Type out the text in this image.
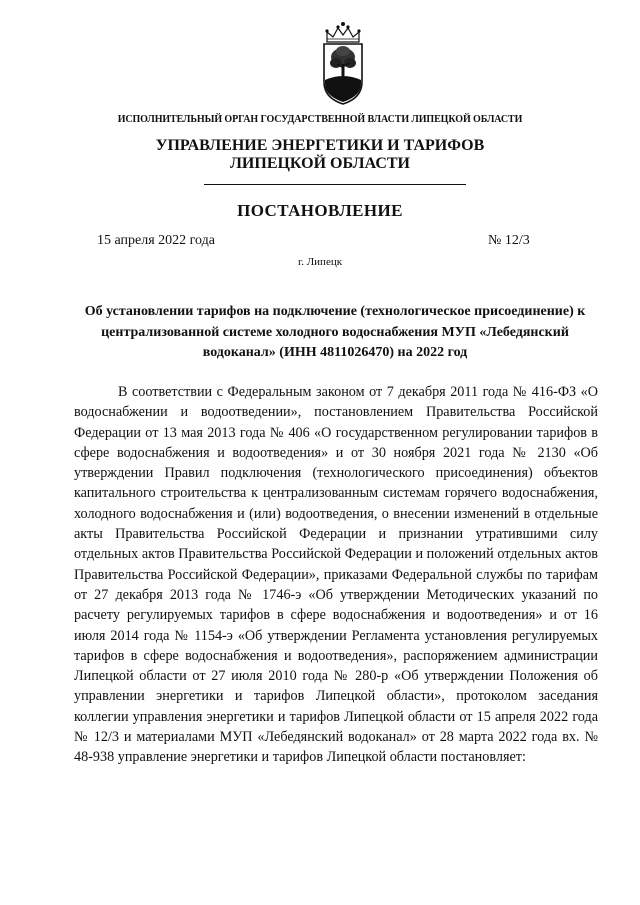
ИСПОЛНИТЕЛЬНЫЙ ОРГАН ГОСУДАРСТВЕННОЙ ВЛАСТИ ЛИПЕЦКОЙ ОБЛАСТИ
УПРАВЛЕНИЕ ЭНЕРГЕТИКИ И ТАРИФОВ
ЛИПЕЦКОЙ ОБЛАСТИ
ПОСТАНОВЛЕНИЕ
15 апреля 2022 года	№ 12/3
г. Липецк
Об установлении тарифов на подключение (технологическое присоединение) к централизованной системе холодного водоснабжения МУП «Лебедянский водоканал» (ИНН 4811026470) на 2022 год

В соответствии с Федеральным законом от 7 декабря 2011 года № 416-ФЗ «О водоснабжении и водоотведении», постановлением Правительства Российской Федерации от 13 мая 2013 года № 406 «О государственном регулировании тарифов в сфере водоснабжения и водоотведения» и от 30 ноября 2021 года № 2130 «Об утверждении Правил подключения (технологического присоединения) объектов капитального строительства к централизованным системам горячего водоснабжения, холодного водоснабжения и (или) водоотведения, о внесении изменений в отдельные акты Правительства Российской Федерации и признании утратившими силу отдельных актов Правительства Российской Федерации и положений отдельных актов Правительства Российской Федерации», приказами Федеральной службы по тарифам от 27 декабря 2013 года № 1746-э «Об утверждении Методических указаний по расчету регулируемых тарифов в сфере водоснабжения и водоотведения» и от 16 июля 2014 года № 1154-э «Об утверждении Регламента установления регулируемых тарифов в сфере водоснабжения и водоотведения», распоряжением администрации Липецкой области от 27 июля 2010 года № 280-р «Об утверждении Положения об управлении энергетики и тарифов Липецкой области», протоколом заседания коллегии управления энергетики и тарифов Липецкой области от 15 апреля 2022 года № 12/3 и материалами МУП «Лебедянский водоканал» от 28 марта 2022 года вх. № 48-938 управление энергетики и тарифов Липецкой области постановляет:
